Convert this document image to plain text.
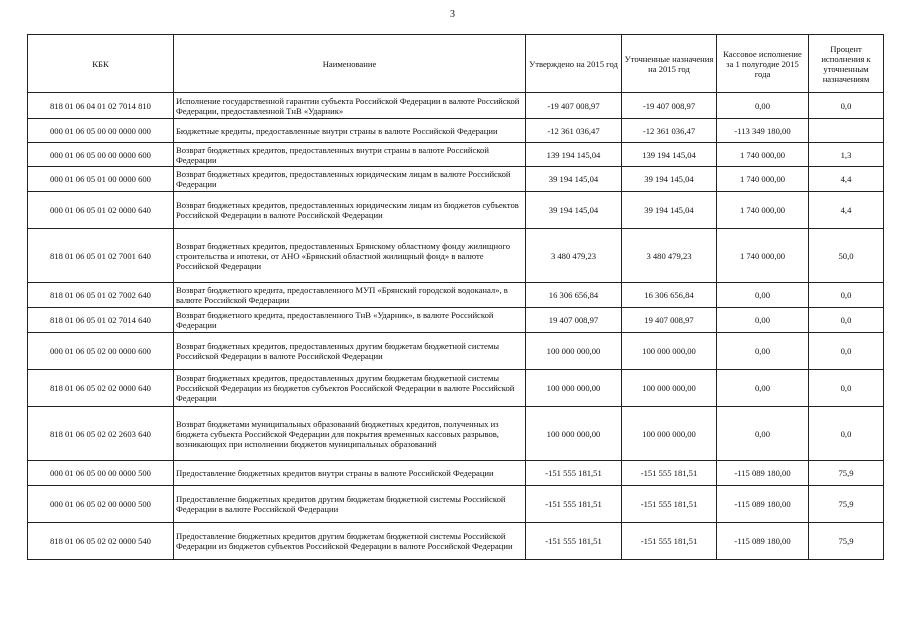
3
КБК	Наименование	Утверждено на 2015 год	Уточненные назначения на 2015 год	Кассовое исполнение за 1 полугодие 2015 года	Процент исполнения к уточненным назначениям
818 01 06 04 01 02 7014 810	Исполнение государственной гарантии субъекта Российской Федерации в валюте Российской Федерации, предоставленной ТнВ «Ударник»	-19 407 008,97	-19 407 008,97	0,00	0,0
000 01 06 05 00 00 0000 000	Бюджетные кредиты, предоставленные внутри страны в валюте Российской Федерации	-12 361 036,47	-12 361 036,47	-113 349 180,00	
000 01 06 05 00 00 0000 600	Возврат бюджетных кредитов, предоставленных внутри страны в валюте Российской Федерации	139 194 145,04	139 194 145,04	1 740 000,00	1,3
000 01 06 05 01 00 0000 600	Возврат бюджетных кредитов, предоставленных юридическим лицам в валюте Российской Федерации	39 194 145,04	39 194 145,04	1 740 000,00	4,4
000 01 06 05 01 02 0000 640	Возврат бюджетных кредитов, предоставленных юридическим лицам из бюджетов субъектов Российской Федерации в валюте Российской Федерации	39 194 145,04	39 194 145,04	1 740 000,00	4,4
818 01 06 05 01 02 7001 640	Возврат бюджетных кредитов, предоставленных Брянскому областному фонду жилищного строительства и ипотеки, от АНО «Брянский областной жилищный фонд» в валюте Российской Федерации	3 480 479,23	3 480 479,23	1 740 000,00	50,0
818 01 06 05 01 02 7002 640	Возврат бюджетного кредита, предоставленного МУП «Брянский городской водоканал», в валюте Российской Федерации	16 306 656,84	16 306 656,84	0,00	0,0
818 01 06 05 01 02 7014 640	Возврат бюджетного кредита, предоставленного ТнВ «Ударник», в валюте Российской Федерации	19 407 008,97	19 407 008,97	0,00	0,0
000 01 06 05 02 00 0000 600	Возврат бюджетных кредитов, предоставленных другим бюджетам бюджетной системы Российской Федерации в валюте Российской Федерации	100 000 000,00	100 000 000,00	0,00	0,0
818 01 06 05 02 02 0000 640	Возврат бюджетных кредитов, предоставленных другим бюджетам бюджетной системы Российской Федерации из бюджетов субъектов Российской Федерации в валюте Российской Федерации	100 000 000,00	100 000 000,00	0,00	0,0
818 01 06 05 02 02 2603 640	Возврат бюджетами муниципальных образований бюджетных кредитов, полученных из бюджета субъекта Российской Федерации для покрытия временных кассовых разрывов, возникающих при исполнении бюджетов муниципальных образований	100 000 000,00	100 000 000,00	0,00	0,0
000 01 06 05 00 00 0000 500	Предоставление бюджетных кредитов внутри страны в валюте Российской Федерации	-151 555 181,51	-151 555 181,51	-115 089 180,00	75,9
000 01 06 05 02 00 0000 500	Предоставление бюджетных кредитов другим бюджетам бюджетной системы Российской Федерации в валюте Российской Федерации	-151 555 181,51	-151 555 181,51	-115 089 180,00	75,9
818 01 06 05 02 02 0000 540	Предоставление бюджетных кредитов другим бюджетам бюджетной системы Российской Федерации из бюджетов субъектов Российской Федерации в валюте Российской Федерации	-151 555 181,51	-151 555 181,51	-115 089 180,00	75,9
